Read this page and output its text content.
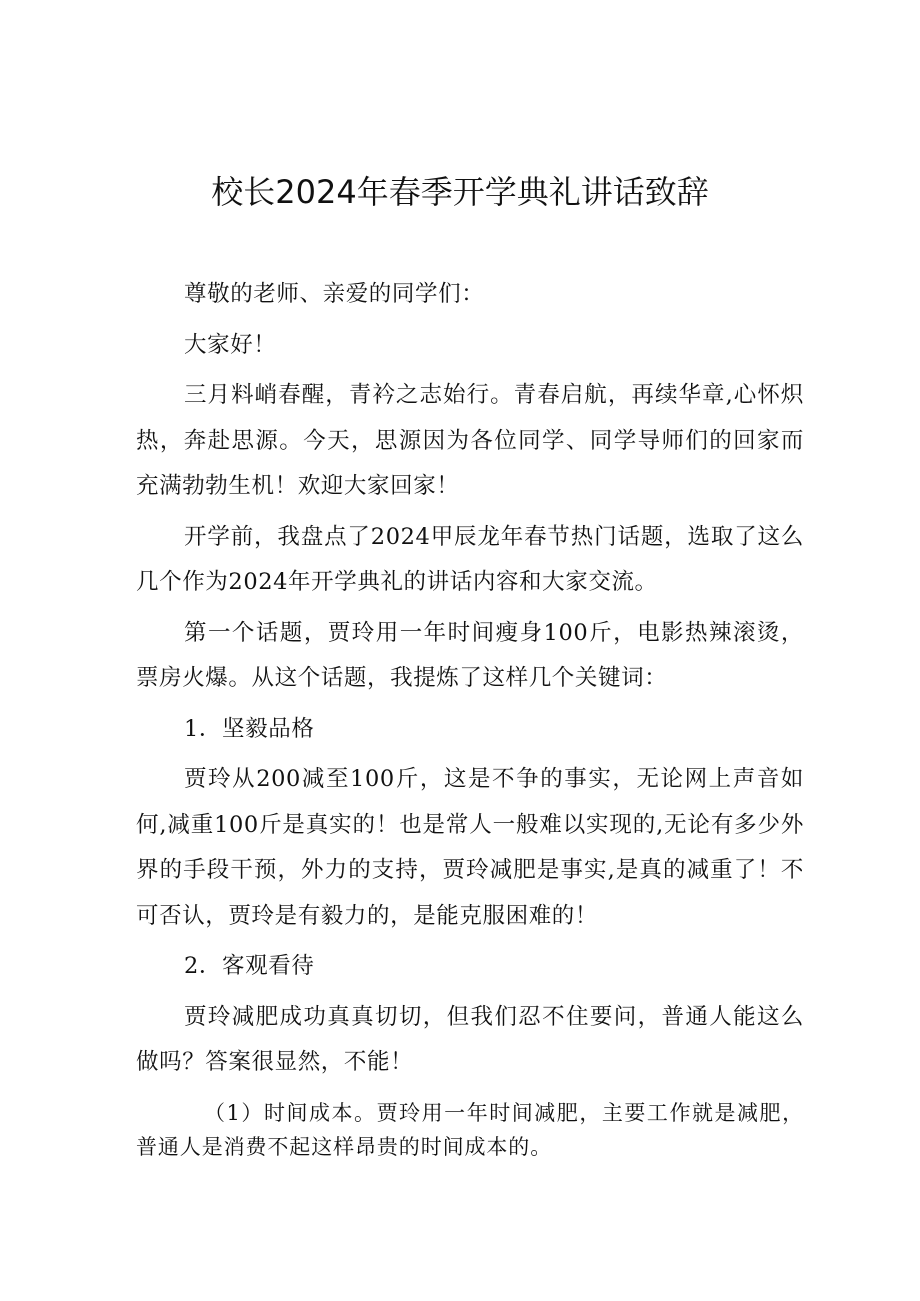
校长2024年春季开学典礼讲话致辞

尊敬的老师、亲爱的同学们：

大家好！

三月料峭春醒，青衿之志始行。青春启航，再续华章,心怀炽热，奔赴思源。今天，思源因为各位同学、同学导师们的回家而充满勃勃生机！欢迎大家回家！

开学前，我盘点了2024甲辰龙年春节热门话题，选取了这么几个作为2024年开学典礼的讲话内容和大家交流。

第一个话题，贾玲用一年时间瘦身100斤，电影热辣滚烫，票房火爆。从这个话题，我提炼了这样几个关键词：

1．坚毅品格

贾玲从200减至100斤，这是不争的事实，无论网上声音如何,减重100斤是真实的！也是常人一般难以实现的,无论有多少外界的手段干预，外力的支持，贾玲减肥是事实,是真的减重了！不可否认，贾玲是有毅力的，是能克服困难的！

2．客观看待

贾玲减肥成功真真切切，但我们忍不住要问，普通人能这么做吗？答案很显然，不能！

（1）时间成本。贾玲用一年时间减肥，主要工作就是减肥，普通人是消费不起这样昂贵的时间成本的。
